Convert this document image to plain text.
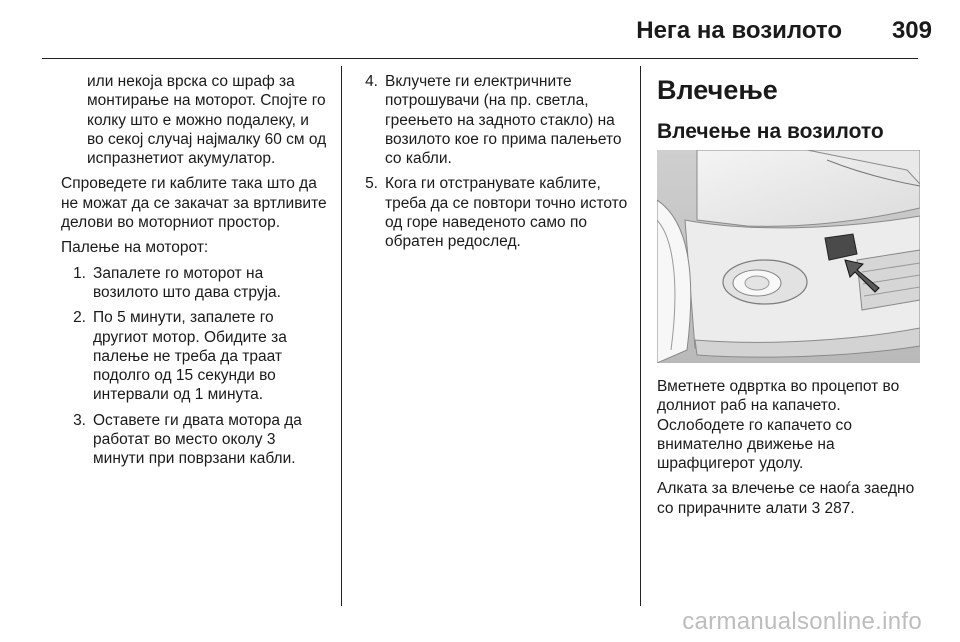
Нега на возилото 309

или некоја врска со шраф за монтирање на моторот. Спојте го колку што е можно подалеку, и во секој случај најмалку 60 см од испразнетиот акумулатор.

Спроведете ги каблите така што да не можат да се закачат за вртливите делови во моторниот простор.

Палење на моторот:

1. Запалете го моторот на возилото што дава струја.
2. По 5 минути, запалете го другиот мотор. Обидите за палење не треба да траат подолго од 15 секунди во интервали од 1 минута.
3. Оставете ги двата мотора да работат во место околу 3 минути при поврзани кабли.
4. Вклучете ги електричните потрошувачи (на пр. светла, греењето на задното стакло) на возилото кое го прима палењето со кабли.
5. Кога ги отстранувате каблите, треба да се повтори точно истото од горе наведеното само по обратен редослед.
Влечење
Влечење на возилото

Вметнете одвртка во процепот во долниот раб на капачето. Ослободете го капачето со внимателно движење на шрафцигерот удолу.

Алката за влечење се наоѓа заедно со прирачните алати 3 287.

carmanualsonline.info
